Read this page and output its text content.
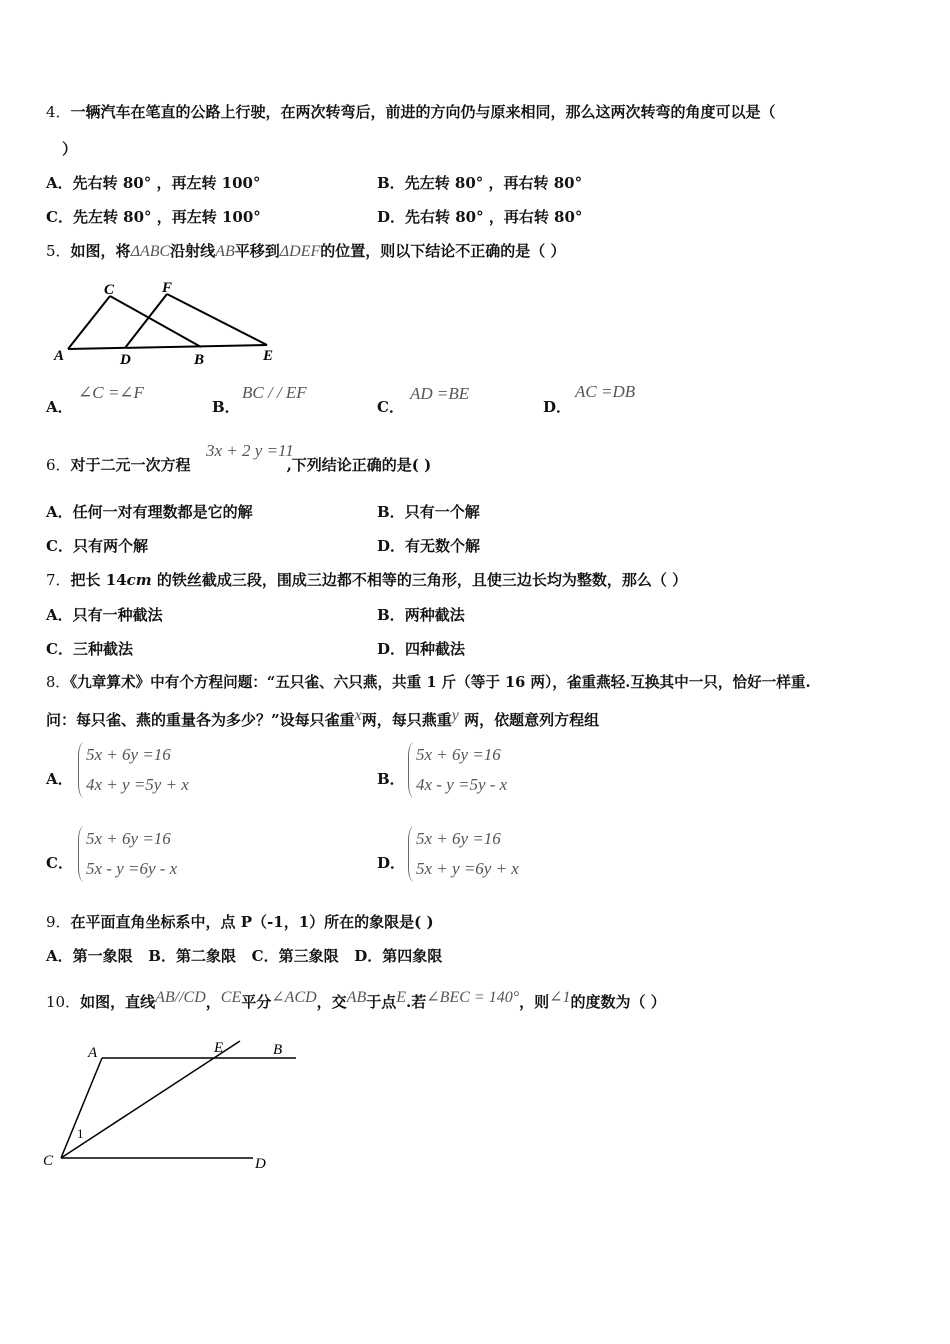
4．一辆汽车在笔直的公路上行驶，在两次转弯后，前进的方向仍与原来相同，那么这两次转弯的角度可以是（
）
A．先右转 80° ，再左转 100°	B．先左转 80° ，再右转 80°
C．先左转 80° ，再左转 100°	D．先右转 80° ，再右转 80°
5．如图，将ΔABC沿射线AB平移到ΔDEF的位置，则以下结论不正确的是（ ）
C	F
A	D	B	E
A．
∠C =∠F
B．
BC / / EF
C．
AD =BE
D．
AC =DB
6．对于二元一次方程	,下列结论正确的是( )
3x + 2 y =11
A．任何一对有理数都是它的解	B．只有一个解
C．只有两个解	D．有无数个解
7．把长 14cm 的铁丝截成三段，围成三边都不相等的三角形，且使三边长均为整数，那么（ ）
A．只有一种截法	B．两种截法
C．三种截法	D．四种截法
8．《九章算术》中有个方程问题：“五只雀、六只燕，共重 1 斤（等于 16 两），雀重燕轻.互换其中一只，恰好一样重.
问：每只雀、燕的重量各为多少？”设每只雀重x两，每只燕重y 两，依题意列方程组
A．
5x + 6y =16
4x + y =5y + x	B．
5x + 6y =16
4x - y =5y - x
C．
5x + 6y =16
5x - y =6y - x	D．
5x + 6y =16
5x + y =6y + x
9．在平面直角坐标系中，点 P（-1，1）所在的象限是( )
A．第一象限   B．第二象限   C．第三象限   D．第四象限
10．如图，直线AB//CD，CE平分∠ACD，交AB于点E.若∠BEC = 140°，则∠1的度数为（ ）
A	E	B
1
C	D
